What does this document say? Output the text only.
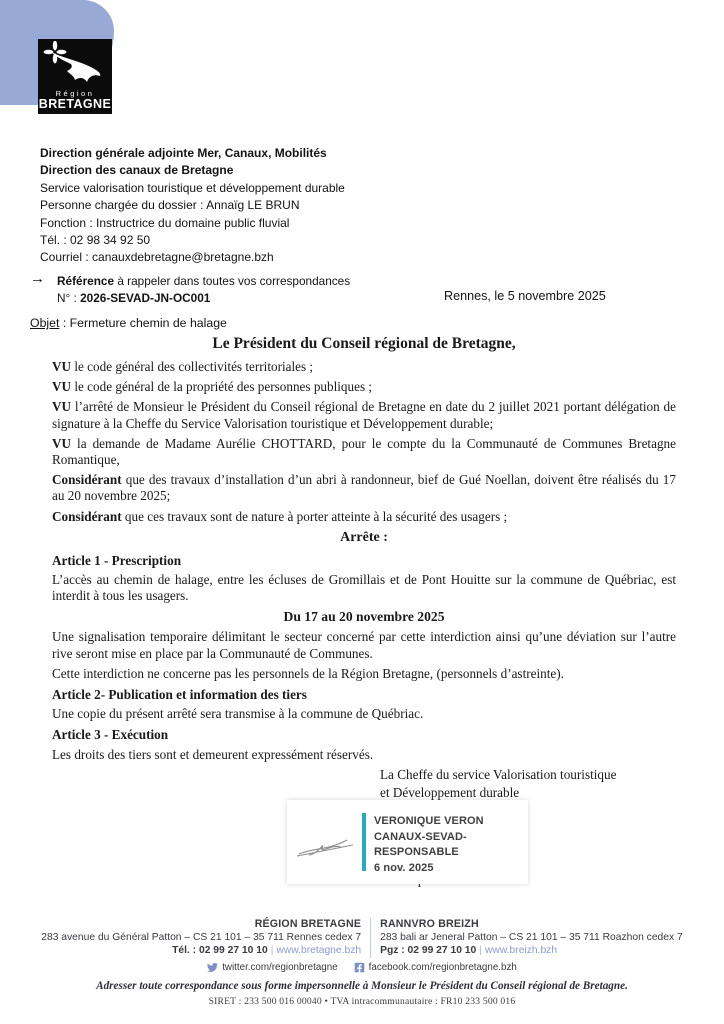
Région
BRETAGNE
Direction générale adjointe Mer, Canaux, Mobilités
Direction des canaux de Bretagne
Service valorisation touristique et développement durable
Personne chargée du dossier : Annaïg LE BRUN
Fonction : Instructrice du domaine public fluvial
Tél. : 02 98 34 92 50
Courriel : canauxdebretagne@bretagne.bzh
→ Référence à rappeler dans toutes vos correspondances
N° : 2026-SEVAD-JN-OC001	Rennes, le 5 novembre 2025
Objet : Fermeture chemin de halage
Le Président du Conseil régional de Bretagne,

VU le code général des collectivités territoriales ;

VU le code général de la propriété des personnes publiques ;

VU l’arrêté de Monsieur le Président du Conseil régional de Bretagne en date du 2 juillet 2021 portant délégation de signature à la Cheffe du Service Valorisation touristique et Développement durable;

VU la demande de Madame Aurélie CHOTTARD, pour le compte du la Communauté de Communes Bretagne Romantique,

Considérant que des travaux d’installation d’un abri à randonneur, bief de Gué Noellan, doivent être réalisés du 17 au 20 novembre 2025;

Considérant que ces travaux sont de nature à porter atteinte à la sécurité des usagers ;

Arrête :
Article 1 - Prescription

L’accès au chemin de halage, entre les écluses de Gromillais et de Pont Houitte sur la commune de Québriac, est interdit à tous les usagers.

Du 17 au 20 novembre 2025

Une signalisation temporaire délimitant le secteur concerné par cette interdiction ainsi qu’une déviation sur l’autre rive seront mise en place par la Communauté de Communes.

Cette interdiction ne concerne pas les personnels de la Région Bretagne, (personnels d’astreinte).

Article 2- Publication et information des tiers

Une copie du présent arrêté sera transmise à la commune de Québriac.

Article 3 - Exécution

Les droits des tiers sont et demeurent expressément réservés.

La Cheffe du service Valorisation touristique
et Développement durable
VERONIQUE VERON
CANAUX-SEVAD-RESPONSABLE
6 nov. 2025
RÉGION BRETAGNE
283 avenue du Général Patton – CS 21 101 – 35 711 Rennes cedex 7
Tél. : 02 99 27 10 10 | www.bretagne.bzh
RANNVRO BREIZH
283 bali ar Jeneral Patton – CS 21 101 – 35 711 Roazhon cedex 7
Pgz : 02 99 27 10 10 | www.breizh.bzh
twitter.com/regionbretagne	facebook.com/regionbretagne.bzh
Adresser toute correspondance sous forme impersonnelle à Monsieur le Président du Conseil régional de Bretagne.
SIRET : 233 500 016 00040 • TVA intracommunautaire : FR10 233 500 016
